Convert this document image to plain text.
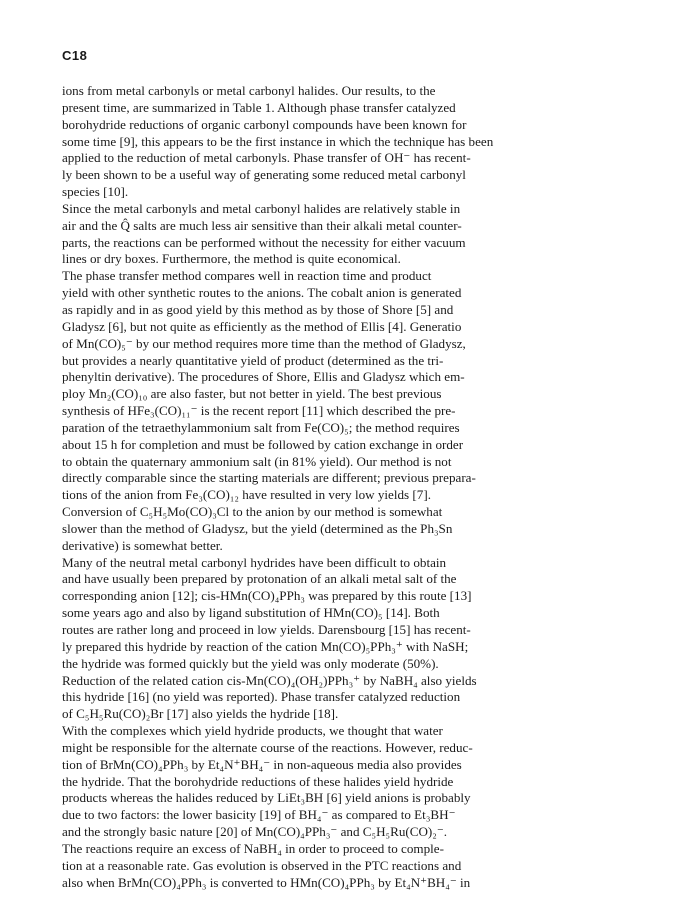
C18
ions from metal carbonyls or metal carbonyl halides. Our results, to the
present time, are summarized in Table 1. Although phase transfer catalyzed
borohydride reductions of organic carbonyl compounds have been known for
some time [9], this appears to be the first instance in which the technique has been
applied to the reduction of metal carbonyls. Phase transfer of OH⁻ has recent-
ly been shown to be a useful way of generating some reduced metal carbonyl
species [10].
Since the metal carbonyls and metal carbonyl halides are relatively stable in
air and the Q̂ salts are much less air sensitive than their alkali metal counter-
parts, the reactions can be performed without the necessity for either vacuum
lines or dry boxes. Furthermore, the method is quite economical.
The phase transfer method compares well in reaction time and product
yield with other synthetic routes to the anions. The cobalt anion is generated
as rapidly and in as good yield by this method as by those of Shore [5] and
Gladysz [6], but not quite as efficiently as the method of Ellis [4]. Generatio
of Mn(CO)₅⁻ by our method requires more time than the method of Gladysz,
but provides a nearly quantitative yield of product (determined as the tri-
phenyltin derivative). The procedures of Shore, Ellis and Gladysz which em-
ploy Mn₂(CO)₁₀ are also faster, but not better in yield. The best previous
synthesis of HFe₃(CO)₁₁⁻ is the recent report [11] which described the pre-
paration of the tetraethylammonium salt from Fe(CO)₅; the method requires
about 15 h for completion and must be followed by cation exchange in order
to obtain the quaternary ammonium salt (in 81% yield). Our method is not
directly comparable since the starting materials are different; previous prepara-
tions of the anion from Fe₃(CO)₁₂ have resulted in very low yields [7].
Conversion of C₅H₅Mo(CO)₃Cl to the anion by our method is somewhat
slower than the method of Gladysz, but the yield (determined as the Ph₃Sn
derivative) is somewhat better.
Many of the neutral metal carbonyl hydrides have been difficult to obtain
and have usually been prepared by protonation of an alkali metal salt of the
corresponding anion [12]; cis-HMn(CO)₄PPh₃ was prepared by this route [13]
some years ago and also by ligand substitution of HMn(CO)₅ [14]. Both
routes are rather long and proceed in low yields. Darensbourg [15] has recent-
ly prepared this hydride by reaction of the cation Mn(CO)₅PPh₃⁺ with NaSH;
the hydride was formed quickly but the yield was only moderate (50%).
Reduction of the related cation cis-Mn(CO)₄(OH₂)PPh₃⁺ by NaBH₄ also yields
this hydride [16] (no yield was reported). Phase transfer catalyzed reduction
of C₅H₅Ru(CO)₂Br [17] also yields the hydride [18].
With the complexes which yield hydride products, we thought that water
might be responsible for the alternate course of the reactions. However, reduc-
tion of BrMn(CO)₄PPh₃ by Et₄N⁺BH₄⁻ in non-aqueous media also provides
the hydride. That the borohydride reductions of these halides yield hydride
products whereas the halides reduced by LiEt₃BH [6] yield anions is probably
due to two factors: the lower basicity [19] of BH₄⁻ as compared to Et₃BH⁻
and the strongly basic nature [20] of Mn(CO)₄PPh₃⁻ and C₅H₅Ru(CO)₂⁻.
The reactions require an excess of NaBH₄ in order to proceed to comple-
tion at a reasonable rate. Gas evolution is observed in the PTC reactions and
also when BrMn(CO)₄PPh₃ is converted to HMn(CO)₄PPh₃ by Et₄N⁺BH₄⁻ in
